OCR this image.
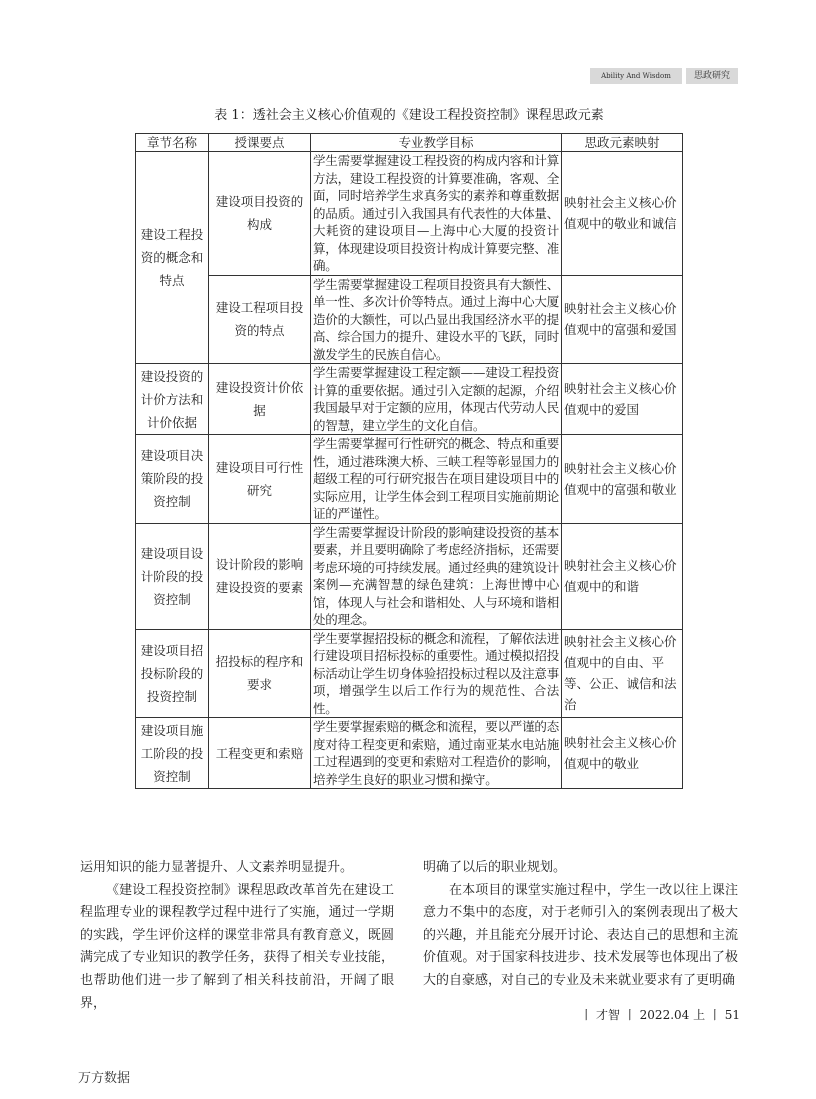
Ability And Wisdom	思政研究
表 1：透社会主义核心价值观的《建设工程投资控制》课程思政元素
章节名称	授课要点	专业教学目标	思政元素映射
建设工程投资的概念和特点	建设项目投资的构成	学生需要掌握建设工程投资的构成内容和计算方法，建设工程投资的计算要准确，客观、全面，同时培养学生求真务实的素养和尊重数据的品质。通过引入我国具有代表性的大体量、大耗资的建设项目—上海中心大厦的投资计算，体现建设项目投资计构成计算要完整、准确。	映射社会主义核心价值观中的敬业和诚信
	建设工程项目投资的特点	学生需要掌握建设工程项目投资具有大额性、单一性、多次计价等特点。通过上海中心大厦造价的大额性，可以凸显出我国经济水平的提高、综合国力的提升、建设水平的飞跃，同时激发学生的民族自信心。	映射社会主义核心价值观中的富强和爱国
建设投资的计价方法和计价依据	建设投资计价依据	学生需要掌握建设工程定额——建设工程投资计算的重要依据。通过引入定额的起源，介绍我国最早对于定额的应用，体现古代劳动人民的智慧，建立学生的文化自信。	映射社会主义核心价值观中的爱国
建设项目决策阶段的投资控制	建设项目可行性研究	学生需要掌握可行性研究的概念、特点和重要性，通过港珠澳大桥、三峡工程等彰显国力的超级工程的可行研究报告在项目建设项目中的实际应用，让学生体会到工程项目实施前期论证的严谨性。	映射社会主义核心价值观中的富强和敬业
建设项目设计阶段的投资控制	设计阶段的影响建设投资的要素	学生需要掌握设计阶段的影响建设投资的基本要素，并且要明确除了考虑经济指标，还需要考虑环境的可持续发展。通过经典的建筑设计案例—充满智慧的绿色建筑：上海世博中心馆，体现人与社会和谐相处、人与环境和谐相处的理念。	映射社会主义核心价值观中的和谐
建设项目招投标阶段的投资控制	招投标的程序和要求	学生要掌握招投标的概念和流程，了解依法进行建设项目招标投标的重要性。通过模拟招投标活动让学生切身体验招投标过程以及注意事项，增强学生以后工作行为的规范性、合法性。	映射社会主义核心价值观中的自由、平等、公正、诚信和法治
建设项目施工阶段的投资控制	工程变更和索赔	学生要掌握索赔的概念和流程，要以严谨的态度对待工程变更和索赔，通过南亚某水电站施工过程遇到的变更和索赔对工程造价的影响，培养学生良好的职业习惯和操守。	映射社会主义核心价值观中的敬业

运用知识的能力显著提升、人文素养明显提升。

《建设工程投资控制》课程思政改革首先在建设工程监理专业的课程教学过程中进行了实施，通过一学期的实践，学生评价这样的课堂非常具有教育意义，既圆满完成了专业知识的教学任务，获得了相关专业技能，也帮助他们进一步了解到了相关科技前沿，开阔了眼界，

明确了以后的职业规划。

在本项目的课堂实施过程中，学生一改以往上课注意力不集中的态度，对于老师引入的案例表现出了极大的兴趣，并且能充分展开讨论、表达自己的思想和主流价值观。对于国家科技进步、技术发展等也体现出了极大的自豪感，对自己的专业及未来就业要求有了更明确

丨 才智 丨 2022.04 上 丨 51
万方数据
